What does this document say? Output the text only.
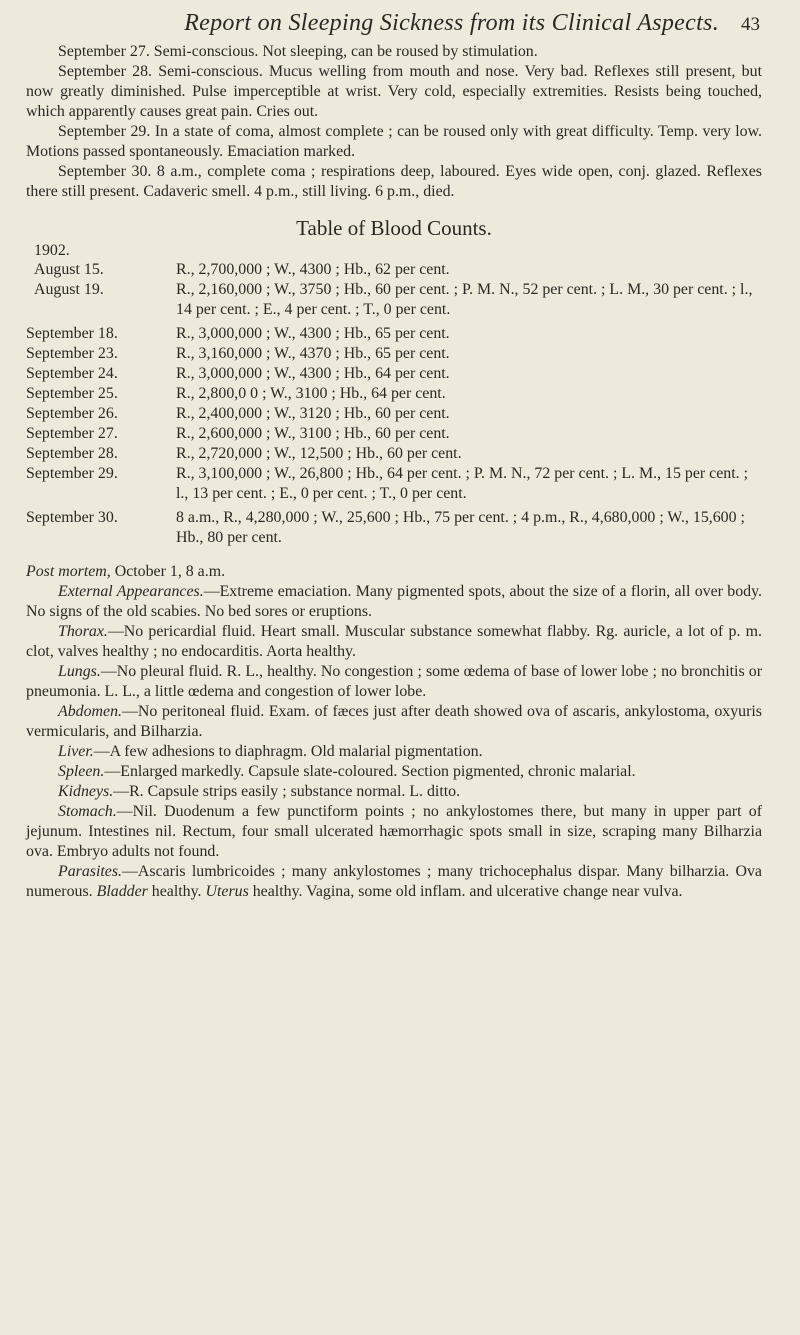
Report on Sleeping Sickness from its Clinical Aspects. 43

September 27. Semi-conscious. Not sleeping, can be roused by stimulation.

September 28. Semi-conscious. Mucus welling from mouth and nose. Very bad. Reflexes still present, but now greatly diminished. Pulse imperceptible at wrist. Very cold, especially extremities. Resists being touched, which apparently causes great pain. Cries out.

September 29. In a state of coma, almost complete ; can be roused only with great difficulty. Temp. very low. Motions passed spontaneously. Emaciation marked.

September 30. 8 a.m., complete coma ; respirations deep, laboured. Eyes wide open, conj. glazed. Reflexes there still present. Cadaveric smell. 4 p.m., still living. 6 p.m., died.

Table of Blood Counts.
1902.
August 15.	R., 2,700,000 ; W., 4300 ; Hb., 62 per cent.
August 19.	R., 2,160,000 ; W., 3750 ; Hb., 60 per cent. ; P. M. N., 52 per cent. ; L. M., 30 per cent. ; l., 14 per cent. ; E., 4 per cent. ; T., 0 per cent.
September 18.	R., 3,000,000 ; W., 4300 ; Hb., 65 per cent.
September 23.	R., 3,160,000 ; W., 4370 ; Hb., 65 per cent.
September 24.	R., 3,000,000 ; W., 4300 ; Hb., 64 per cent.
September 25.	R., 2,800,0 0 ; W., 3100 ; Hb., 64 per cent.
September 26.	R., 2,400,000 ; W., 3120 ; Hb., 60 per cent.
September 27.	R., 2,600,000 ; W., 3100 ; Hb., 60 per cent.
September 28.	R., 2,720,000 ; W., 12,500 ; Hb., 60 per cent.
September 29.	R., 3,100,000 ; W., 26,800 ; Hb., 64 per cent. ; P. M. N., 72 per cent. ; L. M., 15 per cent. ; l., 13 per cent. ; E., 0 per cent. ; T., 0 per cent.
September 30.	8 a.m., R., 4,280,000 ; W., 25,600 ; Hb., 75 per cent. ; 4 p.m., R., 4,680,000 ; W., 15,600 ; Hb., 80 per cent.

Post mortem, October 1, 8 a.m.

External Appearances.—Extreme emaciation. Many pigmented spots, about the size of a florin, all over body. No signs of the old scabies. No bed sores or eruptions.

Thorax.—No pericardial fluid. Heart small. Muscular substance somewhat flabby. Rg. auricle, a lot of p. m. clot, valves healthy ; no endocarditis. Aorta healthy.

Lungs.—No pleural fluid. R. L., healthy. No congestion ; some œdema of base of lower lobe ; no bronchitis or pneumonia. L. L., a little œdema and congestion of lower lobe.

Abdomen.—No peritoneal fluid. Exam. of fæces just after death showed ova of ascaris, ankylostoma, oxyuris vermicularis, and Bilharzia.

Liver.—A few adhesions to diaphragm. Old malarial pigmentation.

Spleen.—Enlarged markedly. Capsule slate-coloured. Section pigmented, chronic malarial.

Kidneys.—R. Capsule strips easily ; substance normal. L. ditto.

Stomach.—Nil. Duodenum a few punctiform points ; no ankylostomes there, but many in upper part of jejunum. Intestines nil. Rectum, four small ulcerated hæmorrhagic spots small in size, scraping many Bilharzia ova. Embryo adults not found.

Parasites.—Ascaris lumbricoides ; many ankylostomes ; many trichocephalus dispar. Many bilharzia. Ova numerous. Bladder healthy. Uterus healthy. Vagina, some old inflam. and ulcerative change near vulva.
